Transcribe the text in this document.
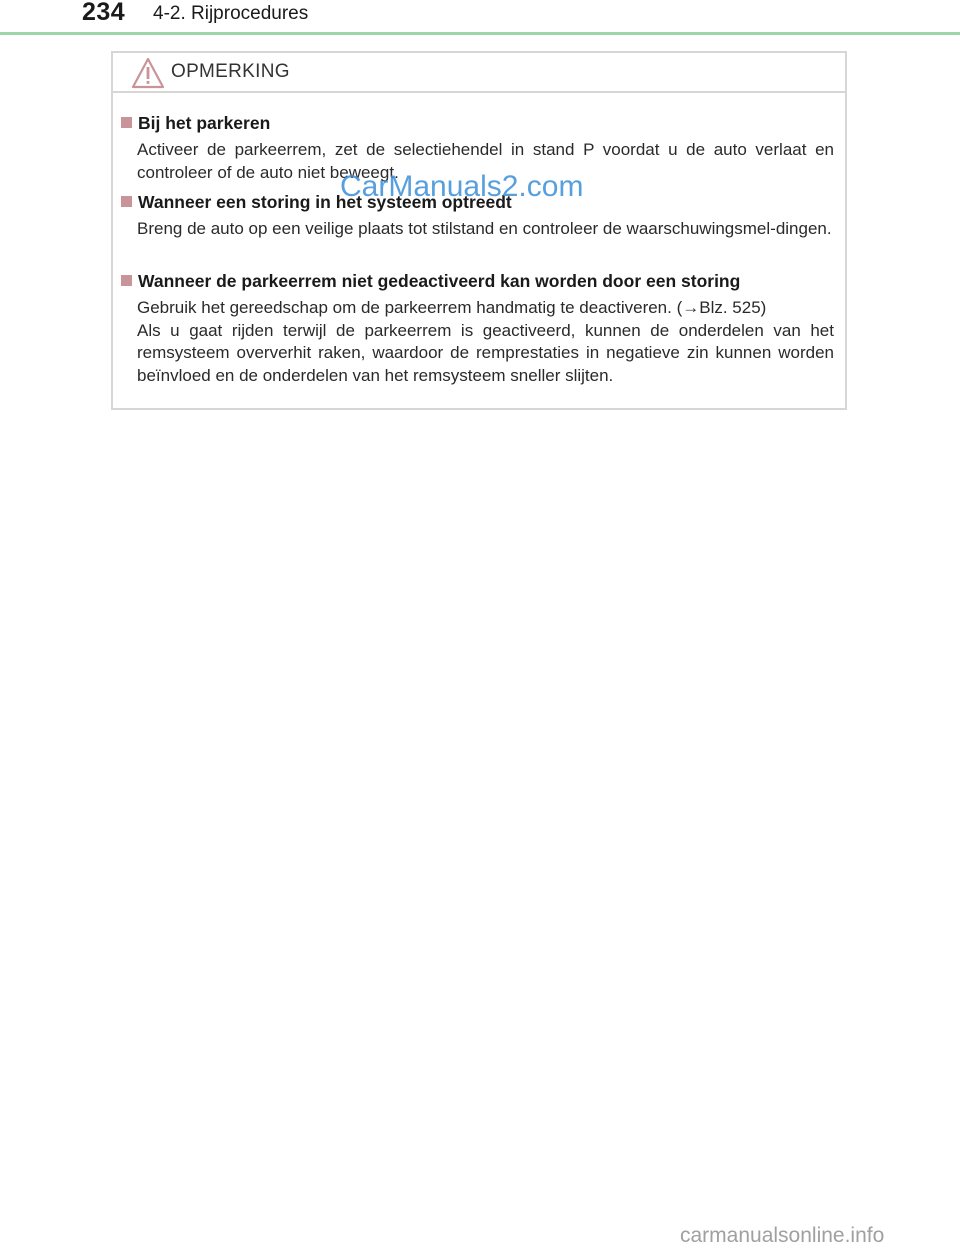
234 4-2. Rijprocedures
OPMERKING
Bij het parkeren

Activeer de parkeerrem, zet de selectiehendel in stand P voordat u de auto verlaat en controleer of de auto niet beweegt.

Wanneer een storing in het systeem optreedt

Breng de auto op een veilige plaats tot stilstand en controleer de waarschuwingsmel-dingen.

Wanneer de parkeerrem niet gedeactiveerd kan worden door een storing

Gebruik het gereedschap om de parkeerrem handmatig te deactiveren. (→Blz. 525)

Als u gaat rijden terwijl de parkeerrem is geactiveerd, kunnen de onderdelen van het remsysteem oververhit raken, waardoor de remprestaties in negatieve zin kunnen worden beïnvloed en de onderdelen van het remsysteem sneller slijten.

CarManuals2.com
carmanualsonline.info
